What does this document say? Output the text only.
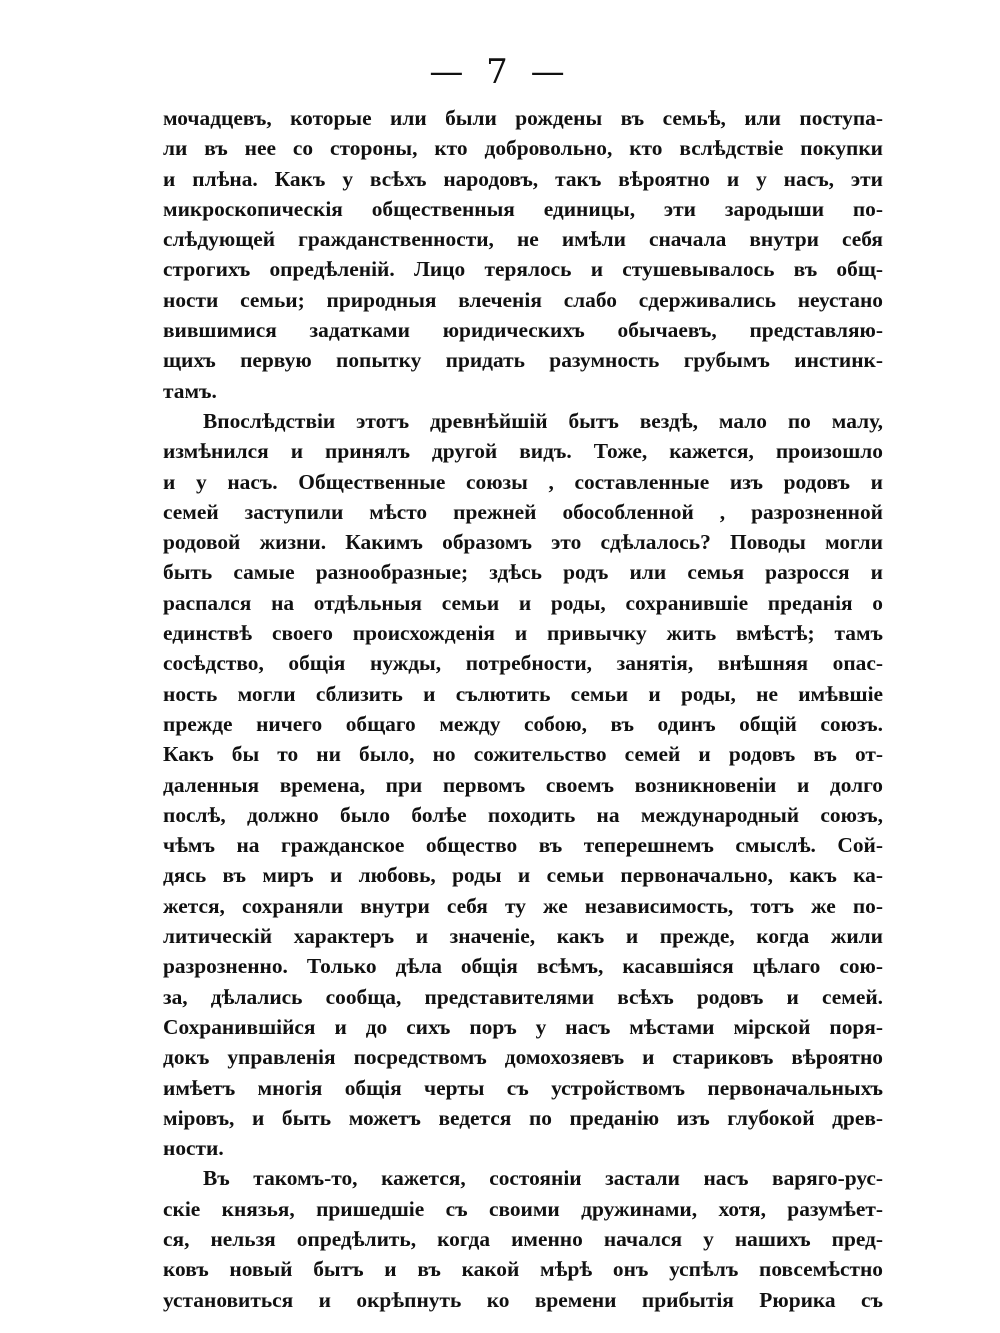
— 7 —
мочадцевъ, которые или были рождены въ семьѣ, или поступа-
ли въ нее со стороны, кто добровольно, кто вслѣдствіе покупки
и плѣна. Какъ у всѣхъ народовъ, такъ вѣроятно и у насъ, эти
микроскопическія общественныя единицы, эти зародыши по-
слѣдующей гражданственности, не имѣли сначала внутри себя
строгихъ опредѣленій. Лицо терялось и стушевывалось въ общ-
ности семьи; природныя влеченія слабо сдерживались неустано
вившимися задатками юридическихъ обычаевъ, представляю-
щихъ первую попытку придать разумность грубымъ инстинк-
тамъ.
Впослѣдствіи этотъ древнѣйшій бытъ вездѣ, мало по малу,
измѣнился и принялъ другой видъ. Тоже, кажется, произошло
и у насъ. Общественные союзы , составленные изъ родовъ и
семей заступили мѣсто прежней обособленной , разрозненной
родовой жизни. Какимъ образомъ это сдѣлалось? Поводы могли
быть самые разнообразные; здѣсь родъ или семья разросся и
распался на отдѣльныя семьи и роды, сохранившіе преданія о
единствѣ своего происхожденія и привычку жить вмѣстѣ; тамъ
сосѣдство, общія нужды, потребности, занятія, внѣшняя опас-
ность могли сблизить и сълютить семьи и роды, не имѣвшіе
прежде ничего общаго между собою, въ одинъ общій союзъ.
Какъ бы то ни было, но сожительство семей и родовъ въ от-
даленныя времена, при первомъ своемъ возникновеніи и долго
послѣ, должно было болѣе походить на международный союзъ,
чѣмъ на гражданское общество въ теперешнемъ смыслѣ. Сой-
дясь въ миръ и любовь, роды и семьи первоначально, какъ ка-
жется, сохраняли внутри себя ту же независимость, тотъ же по-
литическій характеръ и значеніе, какъ и прежде, когда жили
разрозненно. Только дѣла общія всѣмъ, касавшіяся цѣлаго сою-
за, дѣлались сообща, представителями всѣхъ родовъ и семей.
Сохранившійся и до сихъ поръ у насъ мѣстами мірской поря-
докъ управленія посредствомъ домохозяевъ и стариковъ вѣроятно
имѣетъ многія общія черты съ устройствомъ первоначальныхъ
міровъ, и быть можетъ ведется по преданію изъ глубокой древ-
ности.
Въ такомъ-то, кажется, состояніи застали насъ варяго-рус-
скіе князья, пришедшіе съ своими дружинами, хотя, разумѣет-
ся, нельзя опредѣлить, когда именно начался у нашихъ пред-
ковъ новый бытъ и въ какой мѣрѣ онъ успѣлъ повсемѣстно
установиться и окрѣпнуть ко времени прибытія Рюрика съ
